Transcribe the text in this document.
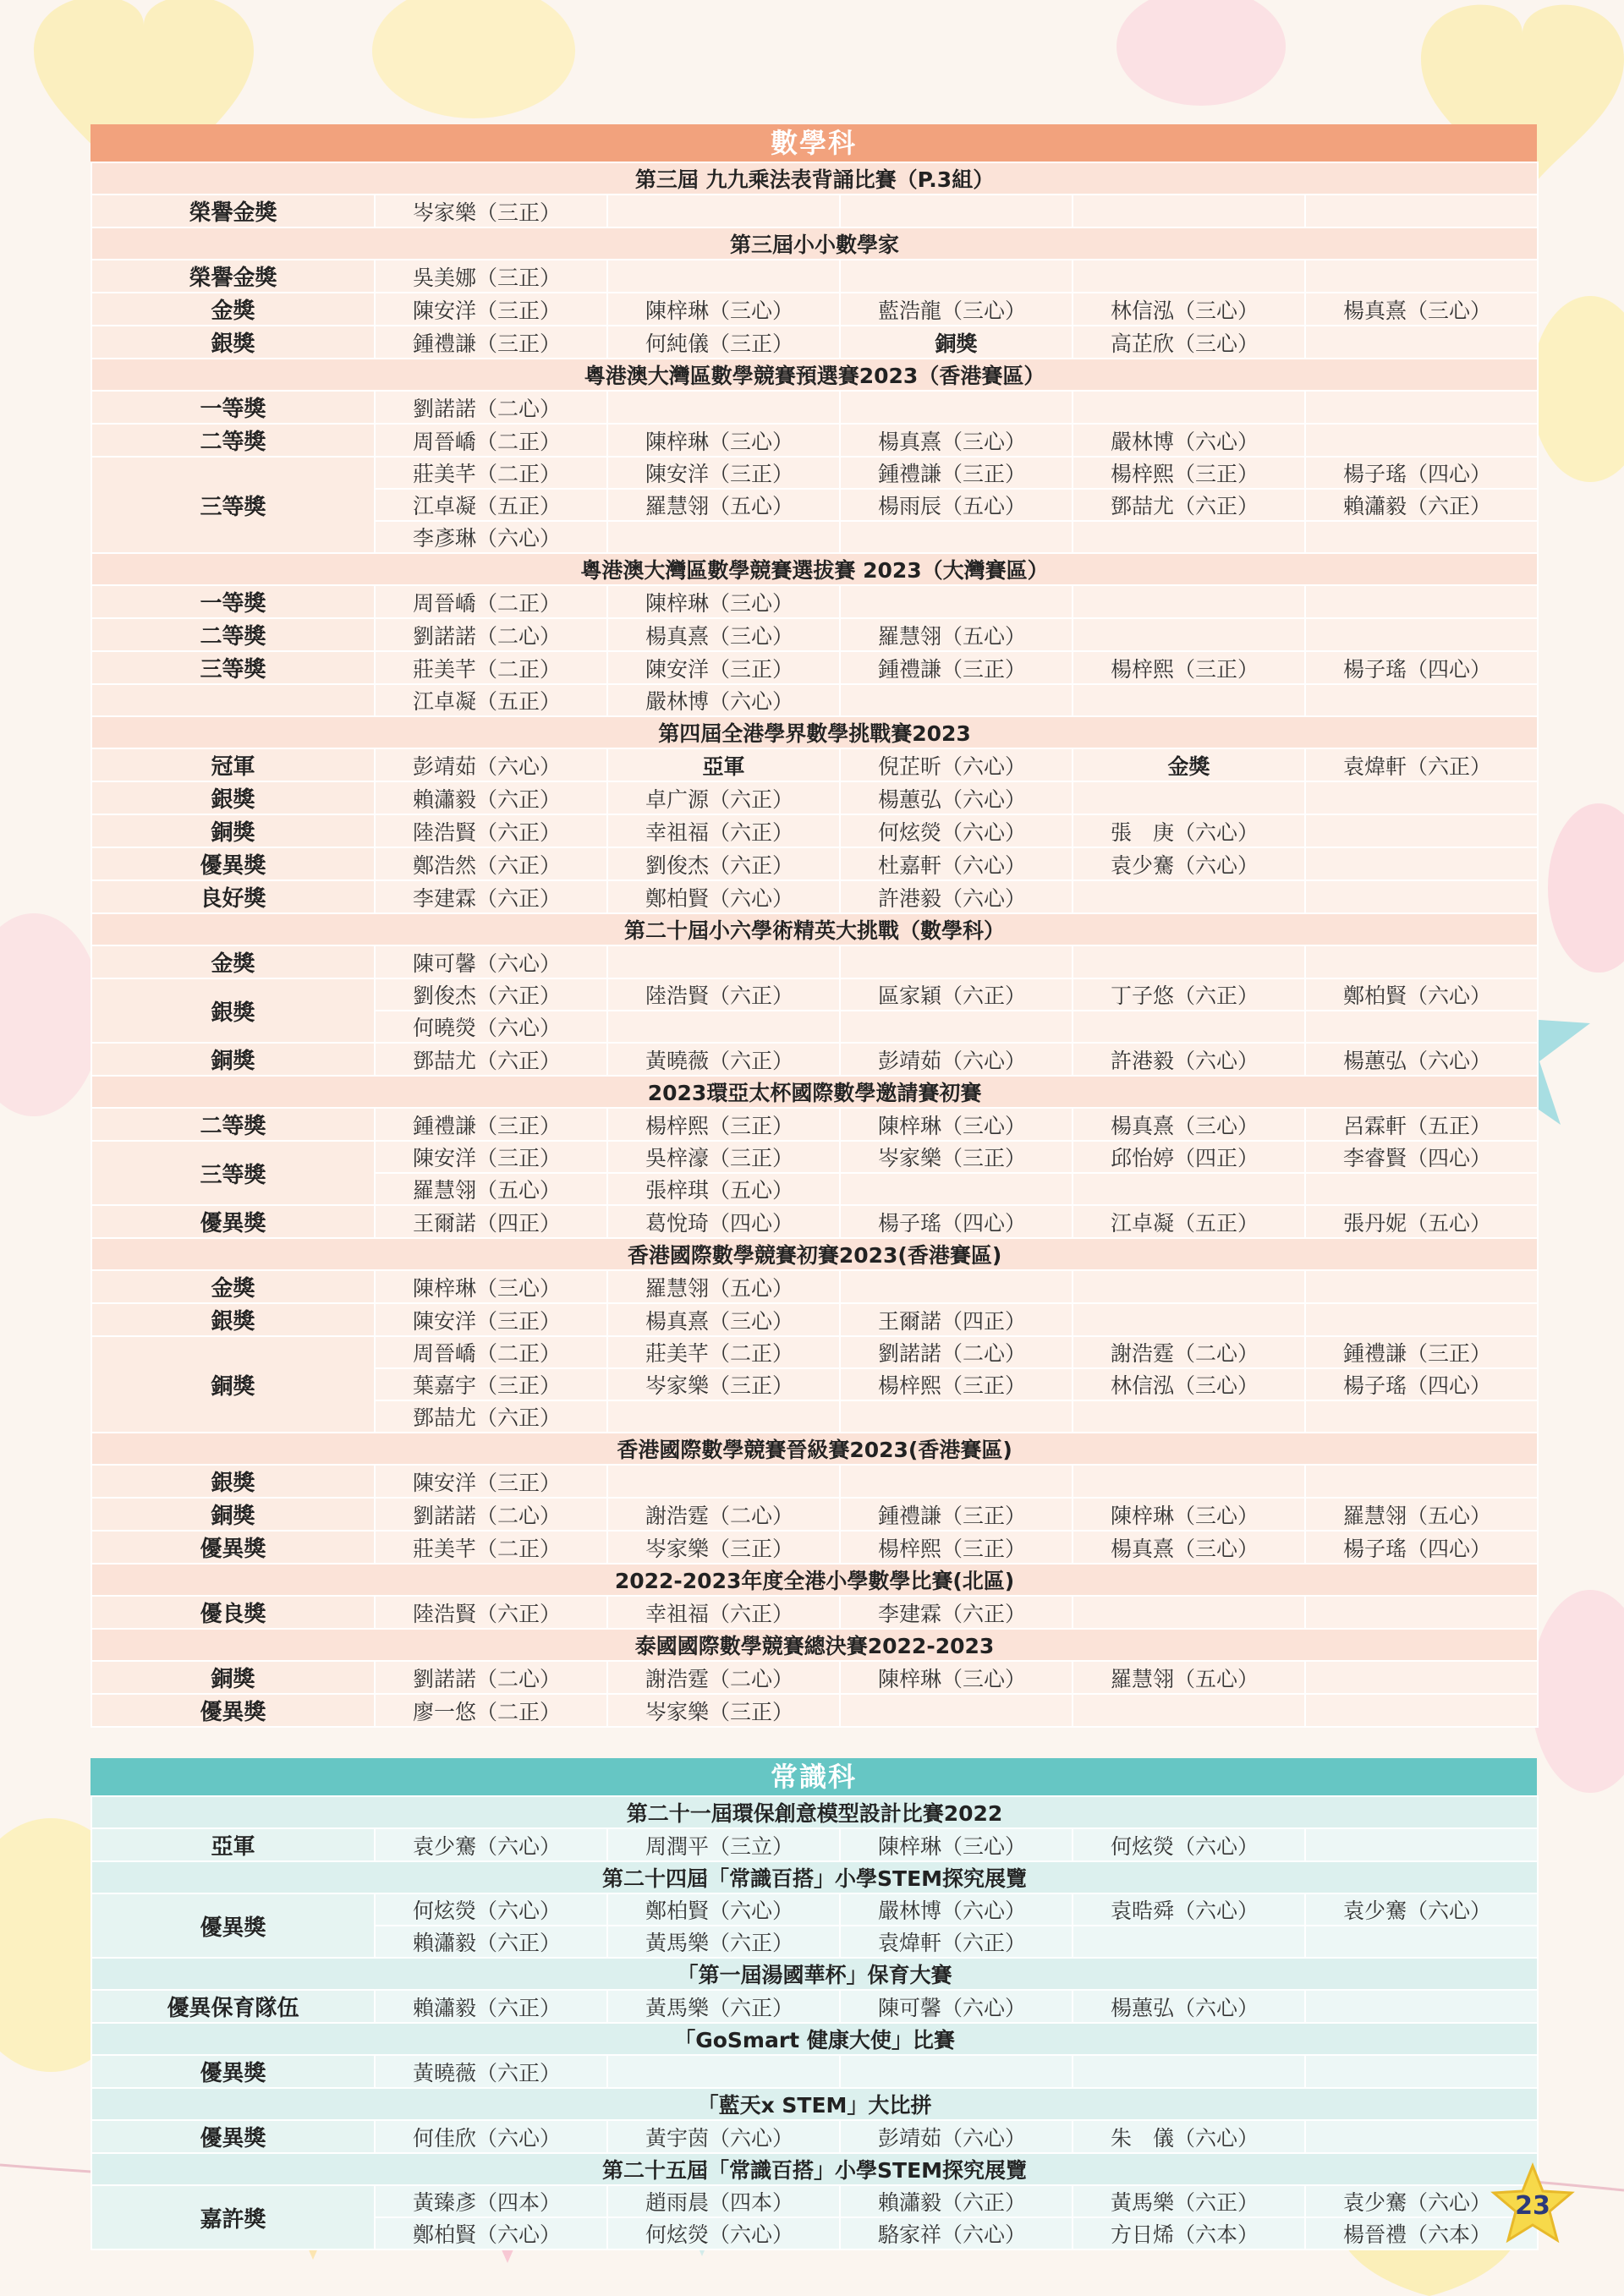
數學科
第三屆 九九乘法表背誦比賽（P.3組）					
榮譽金獎	岑家樂（三正）				
第三屆小小數學家					
榮譽金獎	吳美娜（三正）				
金獎	陳安洋（三正）	陳梓琳（三心）	藍浩龍（三心）	林信泓（三心）	楊真熹（三心）
銀獎	鍾禮謙（三正）	何純儀（三正）	銅獎	高芷欣（三心）	
粵港澳大灣區數學競賽預選賽2023（香港賽區）					
一等獎	劉諾諾（二心）				
二等獎	周晉嶠（二正）	陳梓琳（三心）	楊真熹（三心）	嚴林博（六心）	
三等獎	莊美芊（二正）	陳安洋（三正）	鍾禮謙（三正）	楊梓熙（三正）	楊子瑤（四心）
	江卓凝（五正）	羅慧翎（五心）	楊雨辰（五心）	鄧喆尤（六正）	賴瀟毅（六正）
	李彥琳（六心）				
粵港澳大灣區數學競賽選拔賽 2023（大灣賽區）					
一等獎	周晉嶠（二正）	陳梓琳（三心）			
二等獎	劉諾諾（二心）	楊真熹（三心）	羅慧翎（五心）		
三等獎	莊美芊（二正）	陳安洋（三正）	鍾禮謙（三正）	楊梓熙（三正）	楊子瑤（四心）
	江卓凝（五正）	嚴林博（六心）			
第四屆全港學界數學挑戰賽2023					
冠軍	彭靖茹（六心）	亞軍	倪芷昕（六心）	金獎	袁煒軒（六正）
銀獎	賴瀟毅（六正）	卓广源（六正）	楊蕙弘（六心）		
銅獎	陸浩賢（六正）	幸祖福（六正）	何炫熒（六心）	張　庚（六心）	
優異獎	鄭浩然（六正）	劉俊杰（六正）	杜嘉軒（六心）	袁少騫（六心）	
良好獎	李建霖（六正）	鄭柏賢（六心）	許港毅（六心）		
第二十屆小六學術精英大挑戰（數學科）					
金獎	陳可馨（六心）				
銀獎	劉俊杰（六正）	陸浩賢（六正）	區家穎（六正）	丁子悠（六正）	鄭柏賢（六心）
	何曉熒（六心）				
銅獎	鄧喆尤（六正）	黃曉薇（六正）	彭靖茹（六心）	許港毅（六心）	楊蕙弘（六心）
2023環亞太杯國際數學邀請賽初賽					
二等獎	鍾禮謙（三正）	楊梓熙（三正）	陳梓琳（三心）	楊真熹（三心）	呂霖軒（五正）
三等獎	陳安洋（三正）	吳梓濠（三正）	岑家樂（三正）	邱怡婷（四正）	李睿賢（四心）
	羅慧翎（五心）	張梓琪（五心）			
優異獎	王爾諾（四正）	葛悅琦（四心）	楊子瑤（四心）	江卓凝（五正）	張丹妮（五心）
香港國際數學競賽初賽2023(香港賽區)					
金獎	陳梓琳（三心）	羅慧翎（五心）			
銀獎	陳安洋（三正）	楊真熹（三心）	王爾諾（四正）		
銅獎	周晉嶠（二正）	莊美芊（二正）	劉諾諾（二心）	謝浩霆（二心）	鍾禮謙（三正）
	葉嘉宇（三正）	岑家樂（三正）	楊梓熙（三正）	林信泓（三心）	楊子瑤（四心）
	鄧喆尤（六正）				
香港國際數學競賽晉級賽2023(香港賽區)					
銀獎	陳安洋（三正）				
銅獎	劉諾諾（二心）	謝浩霆（二心）	鍾禮謙（三正）	陳梓琳（三心）	羅慧翎（五心）
優異獎	莊美芊（二正）	岑家樂（三正）	楊梓熙（三正）	楊真熹（三心）	楊子瑤（四心）
2022-2023年度全港小學數學比賽(北區)					
優良獎	陸浩賢（六正）	幸祖福（六正）	李建霖（六正）		
泰國國際數學競賽總決賽2022-2023					
銅獎	劉諾諾（二心）	謝浩霆（二心）	陳梓琳（三心）	羅慧翎（五心）	
優異獎	廖一悠（二正）	岑家樂（三正）			
常識科
第二十一屆環保創意模型設計比賽2022					
亞軍	袁少騫（六心）	周潤平（三立）	陳梓琳（三心）	何炫熒（六心）	
第二十四屆「常識百搭」小學STEM探究展覽					
優異獎	何炫熒（六心）	鄭柏賢（六心）	嚴林博（六心）	袁晧舜（六心）	袁少騫（六心）
	賴瀟毅（六正）	黃馬樂（六正）	袁煒軒（六正）		
「第一屆湯國華杯」保育大賽					
優異保育隊伍	賴瀟毅（六正）	黃馬樂（六正）	陳可馨（六心）	楊蕙弘（六心）	
「GoSmart 健康大使」比賽					
優異獎	黃曉薇（六正）				
「藍天x STEM」大比拼					
優異獎	何佳欣（六心）	黃宇茵（六心）	彭靖茹（六心）	朱　儀（六心）	
第二十五屆「常識百搭」小學STEM探究展覽					
嘉許獎	黃臻彥（四本）	趙雨晨（四本）	賴瀟毅（六正）	黃馬樂（六正）	袁少騫（六心）
	鄭柏賢（六心）	何炫熒（六心）	駱家祥（六心）	方日烯（六本）	楊晉禮（六本）
23
